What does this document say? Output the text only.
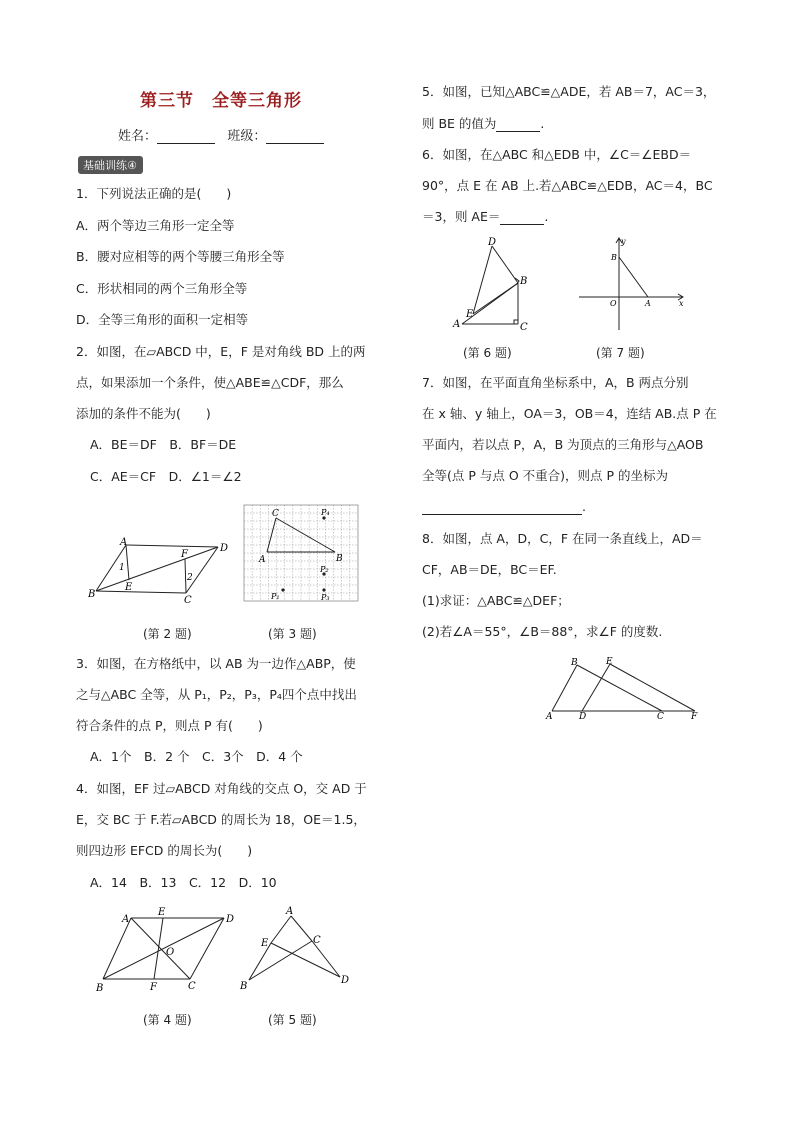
第三节　全等三角形
姓名：	班级：
基础训练④
1．下列说法正确的是(　　)
A．两个等边三角形一定全等
B．腰对应相等的两个等腰三角形全等
C．形状相同的两个三角形全等
D．全等三角形的面积一定相等
2．如图，在▱ABCD 中，E，F 是对角线 BD 上的两
点，如果添加一个条件，使△ABE≌△CDF，那么
添加的条件不能为(　　)
A．BE＝DF　B．BF＝DE
C．AE＝CF　D．∠1＝∠2
A
B
C
D
E
F
1
2
(第 2 题)
C
A	B
P₄
P₂
P₃
P₁
(第 3 题)
3．如图，在方格纸中，以 AB 为一边作△ABP，使
之与△ABC 全等，从 P₁，P₂，P₃，P₄四个点中找出
符合条件的点 P，则点 P 有(　　)
A．1个　B．2 个　C．3个　D．4 个
4．如图，EF 过▱ABCD 对角线的交点 O，交 AD 于
E，交 BC 于 F.若▱ABCD 的周长为 18，OE＝1.5，
则四边形 EFCD 的周长为(　　)
A．14　B．13　C．12　D．10
A
B	C
D
E
F
O
(第 4 题)
A
B
C
D
E
(第 5 题)
5．如图，已知△ABC≌△ADE，若 AB＝7，AC＝3，
则 BE 的值为	.
6．如图，在△ABC 和△EDB 中，∠C＝∠EBD＝
90°，点 E 在 AB 上.若△ABC≌△EDB，AC＝4，BC
＝3，则 AE＝	.
D
B
C
A
E
(第 6 题)
y
x
B
O	A
(第 7 题)
7．如图，在平面直角坐标系中，A，B 两点分别
在 x 轴、y 轴上，OA＝3，OB＝4，连结 AB.点 P 在
平面内，若以点 P，A，B 为顶点的三角形与△AOB
全等(点 P 与点 O 不重合)，则点 P 的坐标为
.
8．如图，点 A，D，C，F 在同一条直线上，AD＝
CF，AB＝DE，BC＝EF.
(1)求证：△ABC≌△DEF；
(2)若∠A＝55°，∠B＝88°，求∠F 的度数.
B	E
A	D	C	F
